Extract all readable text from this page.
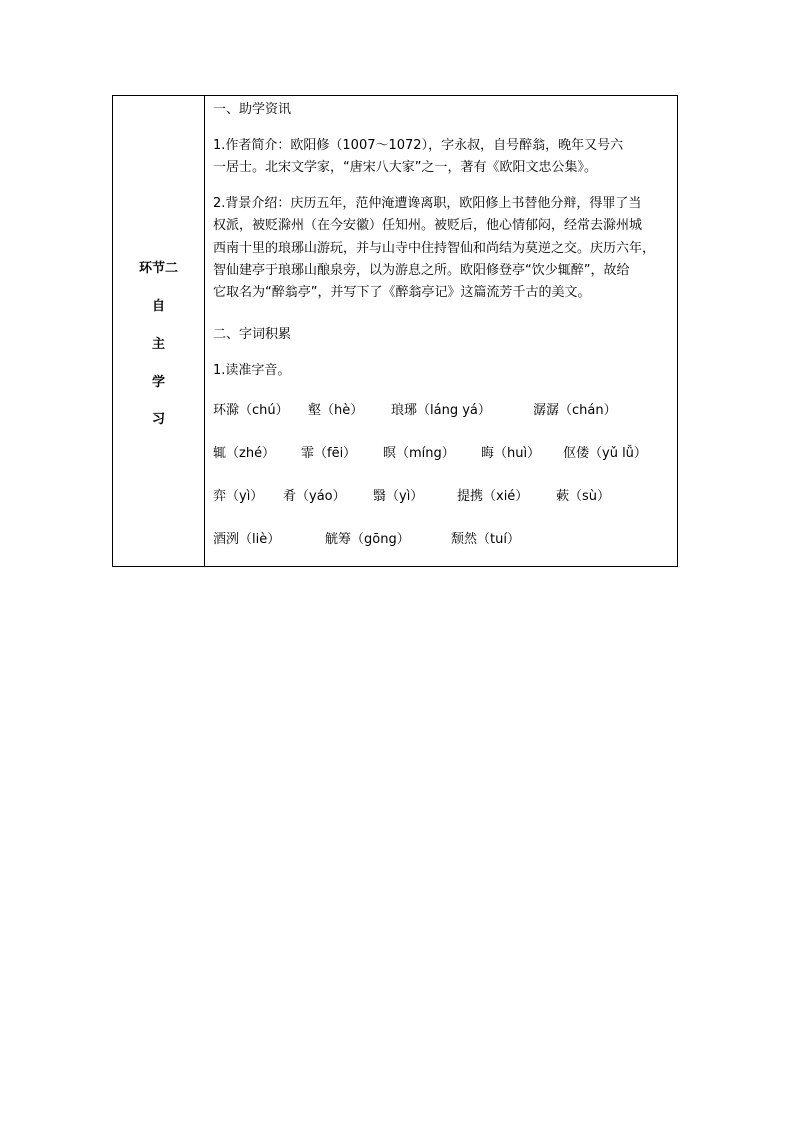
环节二
自
主
学
习
一、助学资讯
1.作者简介：欧阳修（1007～1072），字永叔，自号醉翁，晚年又号六
一居士。北宋文学家，“唐宋八大家”之一，著有《欧阳文忠公集》。
2.背景介绍：庆历五年，范仲淹遭谗离职，欧阳修上书替他分辩，得罪了当
权派，被贬滁州（在今安徽）任知州。被贬后，他心情郁闷，经常去滁州城
西南十里的琅琊山游玩，并与山寺中住持智仙和尚结为莫逆之交。庆历六年，
智仙建亭于琅琊山酿泉旁，以为游息之所。欧阳修登亭“饮少辄醉”，故给
它取名为“醉翁亭”，并写下了《醉翁亭记》这篇流芳千古的美文。
二、字词积累
1.读准字音。
环滁（chú） 壑（hè） 琅琊（láng yá）	潺潺（chán）
辄（zhé） 霏（fēi） 暝（míng） 晦（huì） 伛偻（yǔ lǚ）
弈（yì） 肴（yáo） 翳（yì）	提携（xié） 蔌（sù）
酒洌（liè）	觥筹（gōng）	颓然（tuí）
